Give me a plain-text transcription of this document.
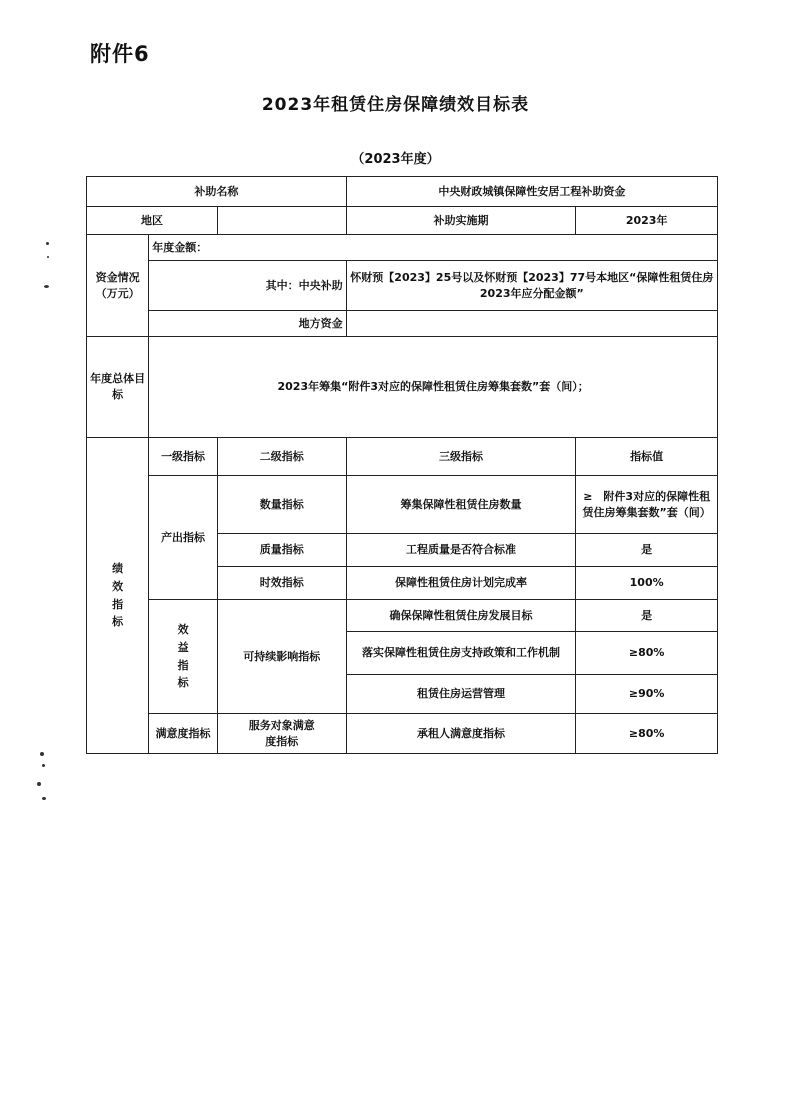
附件6
2023年租赁住房保障绩效目标表
（2023年度）
补助名称			中央财政城镇保障性安居工程补助资金	
地区			补助实施期	2023年
资金情况（万元）	年度金额：			
	其中：中央补助		怀财预【2023】25号以及怀财预【2023】77号本地区“保障性租赁住房2023年应分配金额”	
	地方资金			
年度总体目标	2023年筹集“附件3对应的保障性租赁住房筹集套数”套（间）；			
绩效指标	一级指标	二级指标	三级指标	指标值
	产出指标	数量指标	筹集保障性租赁住房数量	≥　附件3对应的保障性租赁住房筹集套数”套（间）
		质量指标	工程质量是否符合标准	是
		时效指标	保障性租赁住房计划完成率	100%
	效益指标	可持续影响指标	确保保障性租赁住房发展目标	是
			落实保障性租赁住房支持政策和工作机制	≥80%
			租赁住房运营管理	≥90%
	满意度指标	服务对象满意度指标	承租人满意度指标	≥80%
